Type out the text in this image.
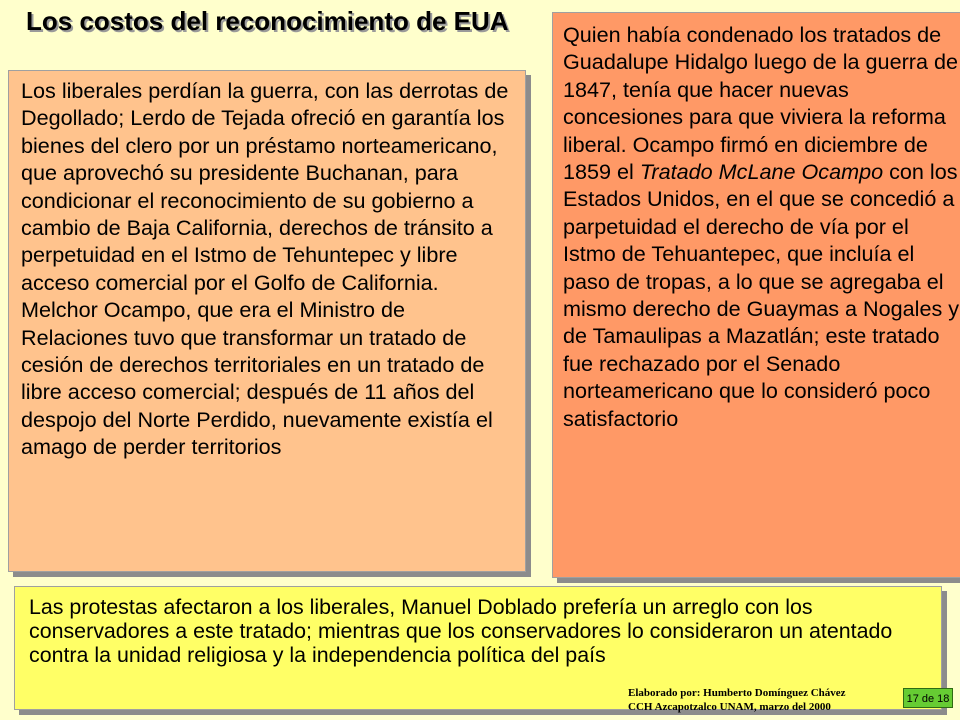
Los costos del reconocimiento de EUA

Los liberales perdían la guerra, con las derrotas de Degollado; Lerdo de Tejada ofreció en garantía los bienes del clero por un préstamo norteamericano, que aprovechó su presidente Buchanan, para condicionar el reconocimiento de su gobierno a cambio de Baja California, derechos de tránsito a perpetuidad en el Istmo de Tehuntepec y libre acceso comercial por el Golfo de California. Melchor Ocampo, que era el Ministro de Relaciones tuvo que transformar un tratado de cesión de derechos territoriales en un tratado de libre acceso comercial; después de 11 años del despojo del Norte Perdido, nuevamente existía el amago de perder territorios

Quien había condenado los tratados de Guadalupe Hidalgo luego de la guerra de 1847, tenía que hacer nuevas concesiones para que viviera la reforma liberal. Ocampo firmó en diciembre de 1859 el Tratado McLane Ocampo con los Estados Unidos, en el que se concedió a parpetuidad el derecho de vía por el Istmo de Tehuantepec, que incluía el paso de tropas, a lo que se agregaba el mismo derecho de Guaymas a Nogales y de Tamaulipas a Mazatlán; este tratado fue rechazado por el Senado norteamericano que lo consideró poco satisfactorio

Las protestas afectaron a los liberales, Manuel Doblado prefería un arreglo con los conservadores a este tratado; mientras que los conservadores lo consideraron un atentado contra la unidad religiosa y la independencia política del país

Elaborado por: Humberto Domínguez Chávez
CCH Azcapotzalco UNAM, marzo del 2000
17 de 18
